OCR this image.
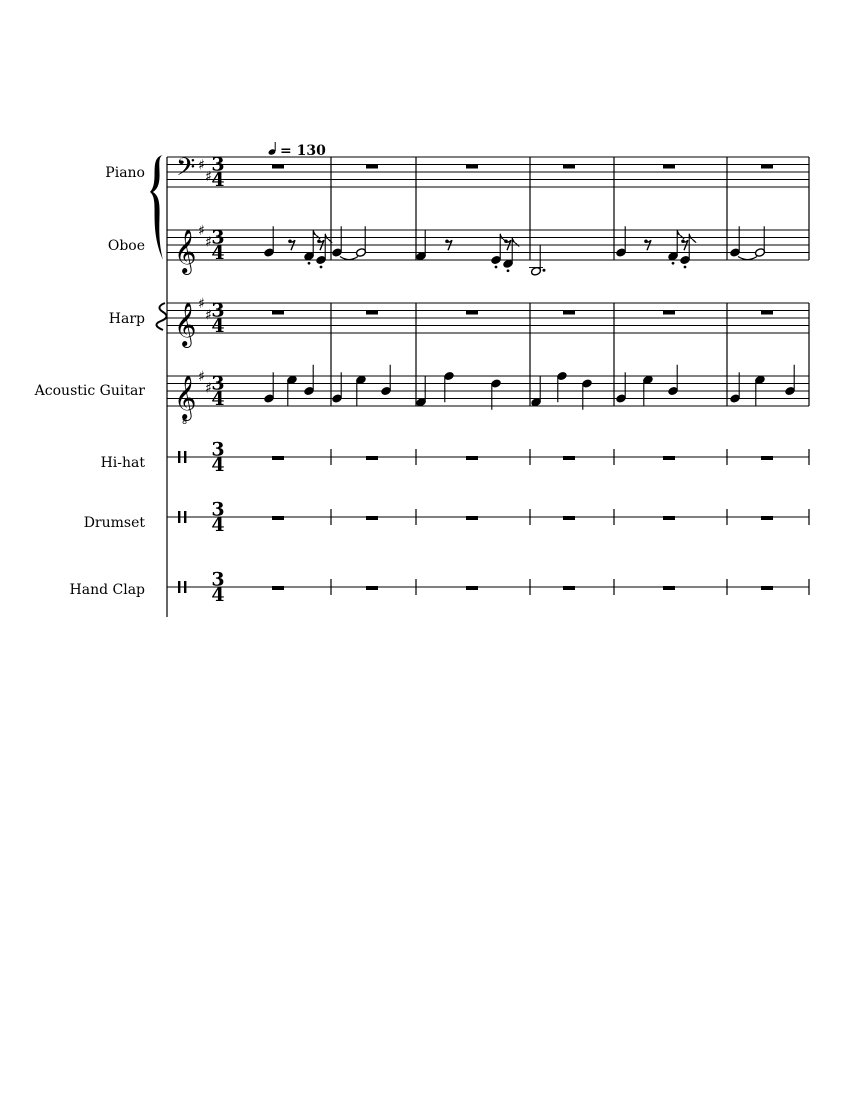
Piano
Oboe
Harp
Acoustic Guitar
Hi-hat
Drumset
Hand Clap
= 130
𝄢 ♯
♯
3
4
𝄞 ♯
♯ 3
4
𝄞 ♯
♯ 3
4
𝄞
8
♯
♯ 3
4
3
4
3
4
3
4
